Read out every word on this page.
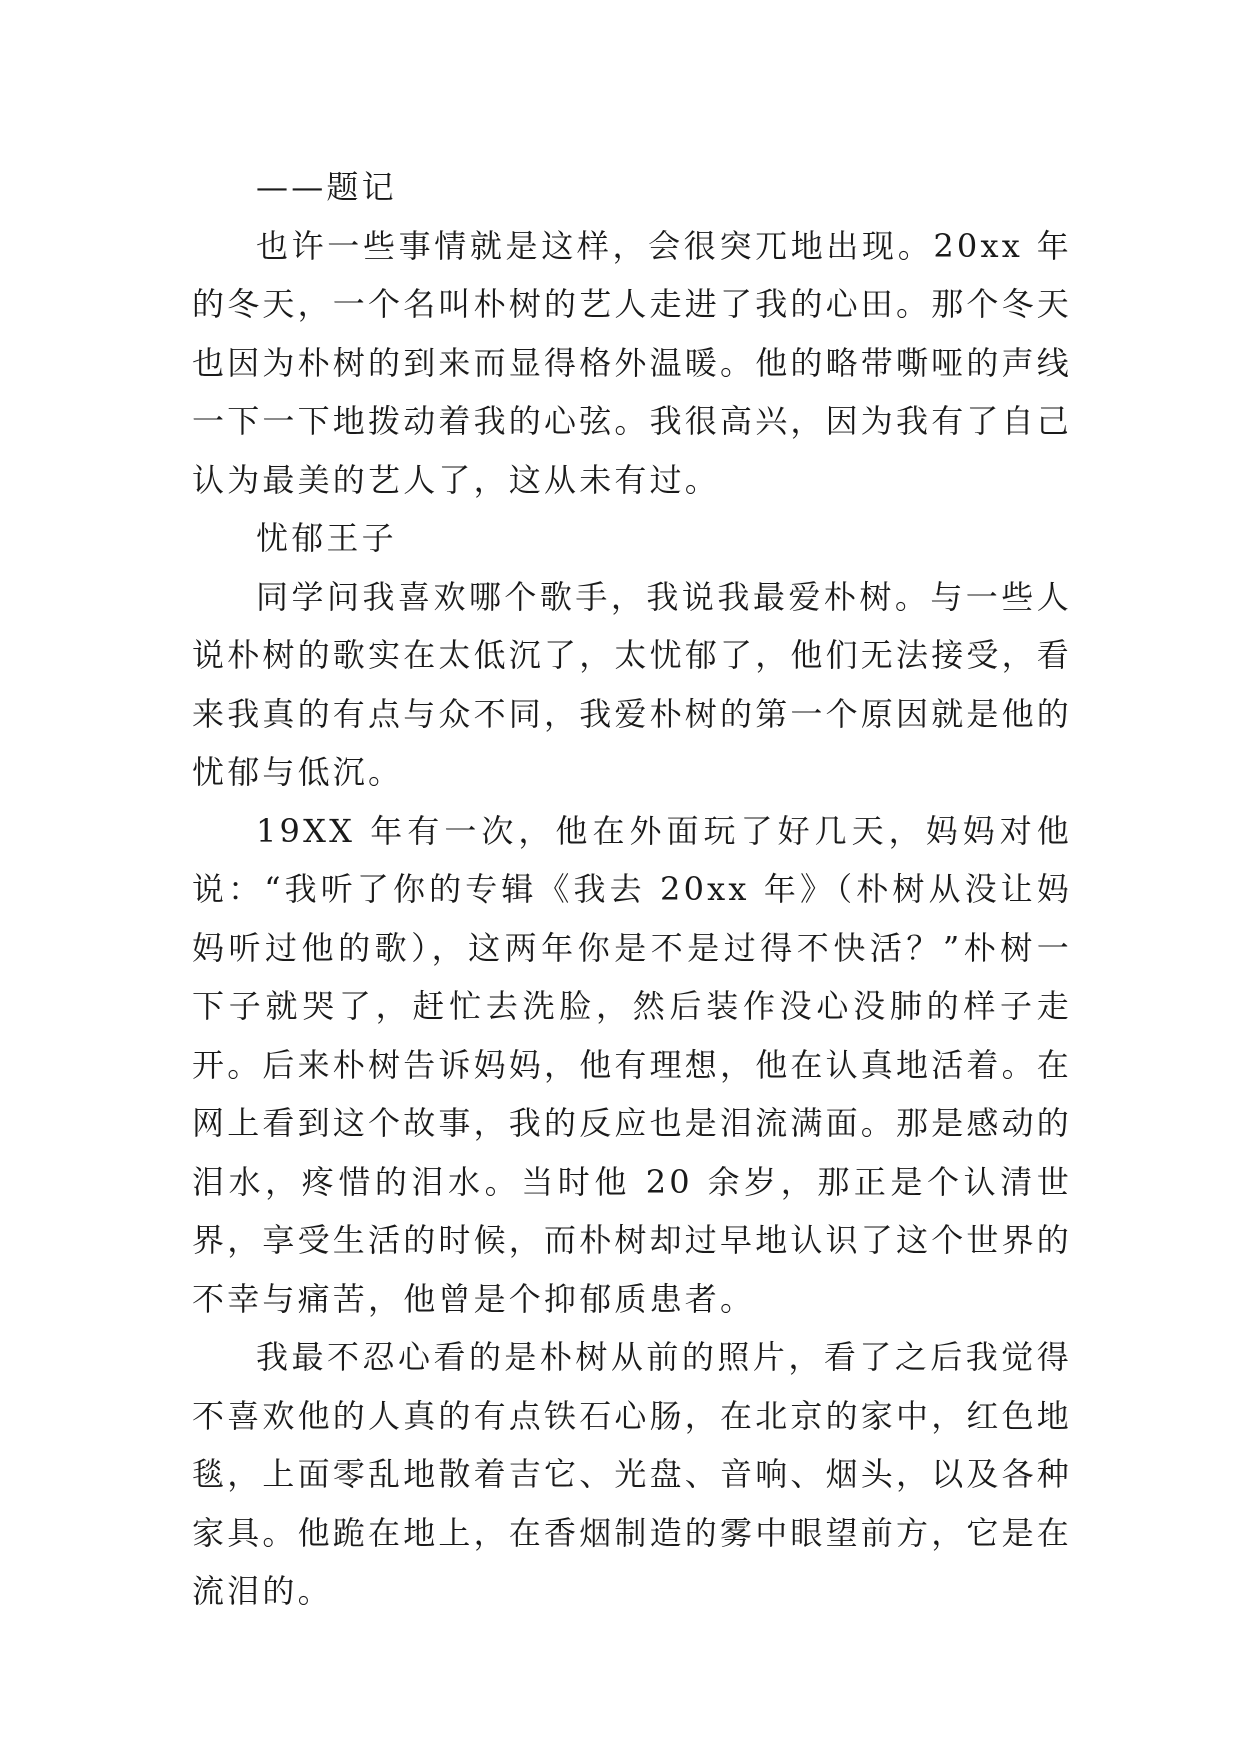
——题记

也许一些事情就是这样，会很突兀地出现。20xx 年的冬天，一个名叫朴树的艺人走进了我的心田。那个冬天也因为朴树的到来而显得格外温暖。他的略带嘶哑的声线一下一下地拨动着我的心弦。我很高兴，因为我有了自己认为最美的艺人了，这从未有过。

忧郁王子

同学问我喜欢哪个歌手，我说我最爱朴树。与一些人说朴树的歌实在太低沉了，太忧郁了，他们无法接受，看来我真的有点与众不同，我爱朴树的第一个原因就是他的忧郁与低沉。

19XX 年有一次，他在外面玩了好几天，妈妈对他说：“我听了你的专辑《我去 20xx 年》（朴树从没让妈妈听过他的歌），这两年你是不是过得不快活？”朴树一下子就哭了，赶忙去洗脸，然后装作没心没肺的样子走开。后来朴树告诉妈妈，他有理想，他在认真地活着。在网上看到这个故事，我的反应也是泪流满面。那是感动的泪水，疼惜的泪水。当时他 20 余岁，那正是个认清世界，享受生活的时候，而朴树却过早地认识了这个世界的不幸与痛苦，他曾是个抑郁质患者。

我最不忍心看的是朴树从前的照片，看了之后我觉得不喜欢他的人真的有点铁石心肠，在北京的家中，红色地毯，上面零乱地散着吉它、光盘、音响、烟头，以及各种家具。他跪在地上，在香烟制造的雾中眼望前方，它是在流泪的。
